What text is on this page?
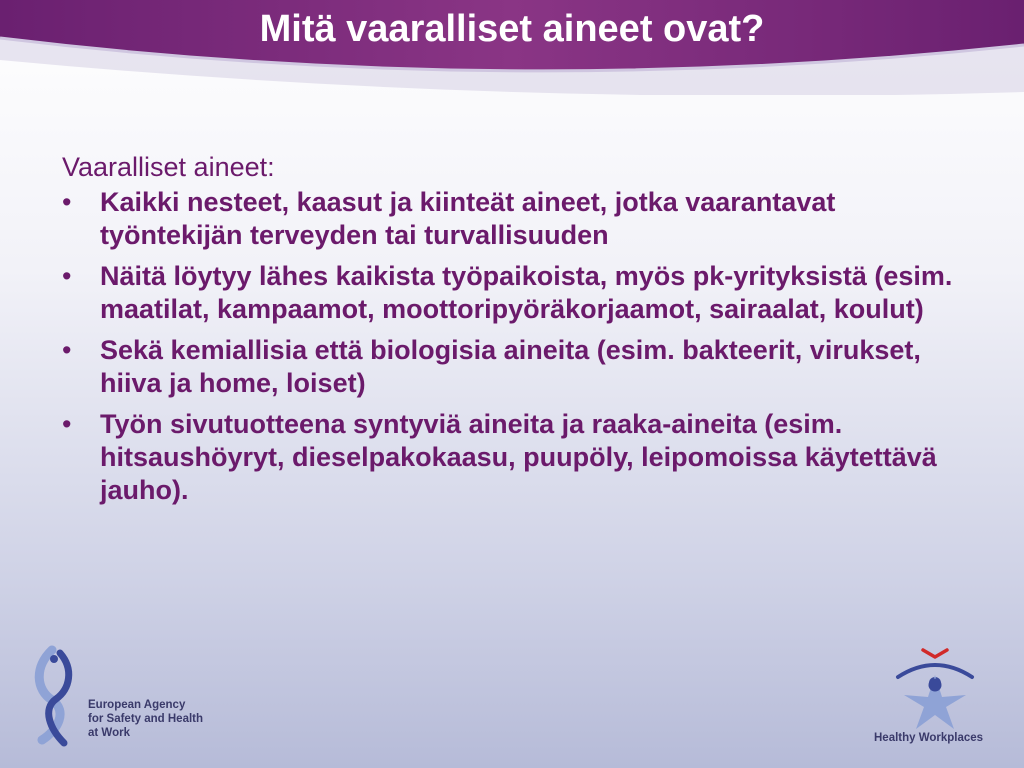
Mitä vaaralliset aineet ovat?

Vaaralliset aineet:

• Kaikki nesteet, kaasut ja kiinteät aineet, jotka vaarantavat työntekijän terveyden tai turvallisuuden
• Näitä löytyy lähes kaikista työpaikoista, myös pk-yrityksistä (esim. maatilat, kampaamot, moottoripyöräkorjaamot, sairaalat, koulut)
• Sekä kemiallisia että biologisia aineita (esim. bakteerit, virukset, hiiva ja home, loiset)
• Työn sivutuotteena syntyviä aineita ja raaka-aineita (esim. hitsaushöyryt, dieselpakokaasu, puupöly, leipomoissa käytettävä jauho).
European Agency
for Safety and Health
at Work	Healthy Workplaces
